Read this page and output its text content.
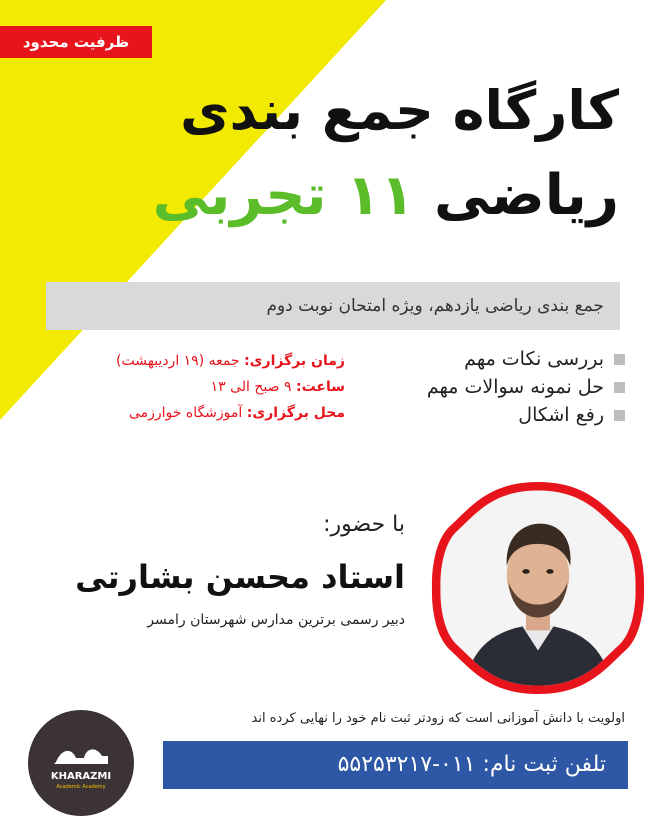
ظرفیت محدود
کارگاه جمع بندی
ریاضی ۱۱ تجربی
جمع بندی ریاضی یازدهم، ویژه امتحان نوبت دوم
بررسی نکات مهم
حل نمونه سوالات مهم
رفع اشکال
زمان برگزاری: جمعه (۱۹ اردیبهشت)
ساعت: ۹ صبح الی ۱۳
محل برگزاری: آموزشگاه خوارزمی
با حضور:
استاد محسن بشارتی
دبیر رسمی برترین مدارس شهرستان رامسر
اولویت با دانش آموزانی است که زودتر ثبت نام خود را نهایی کرده اند
تلفن ثبت نام: ۰۱۱-۵۵۲۵۳۲۱۷
KHARAZMI
Academic Academy
